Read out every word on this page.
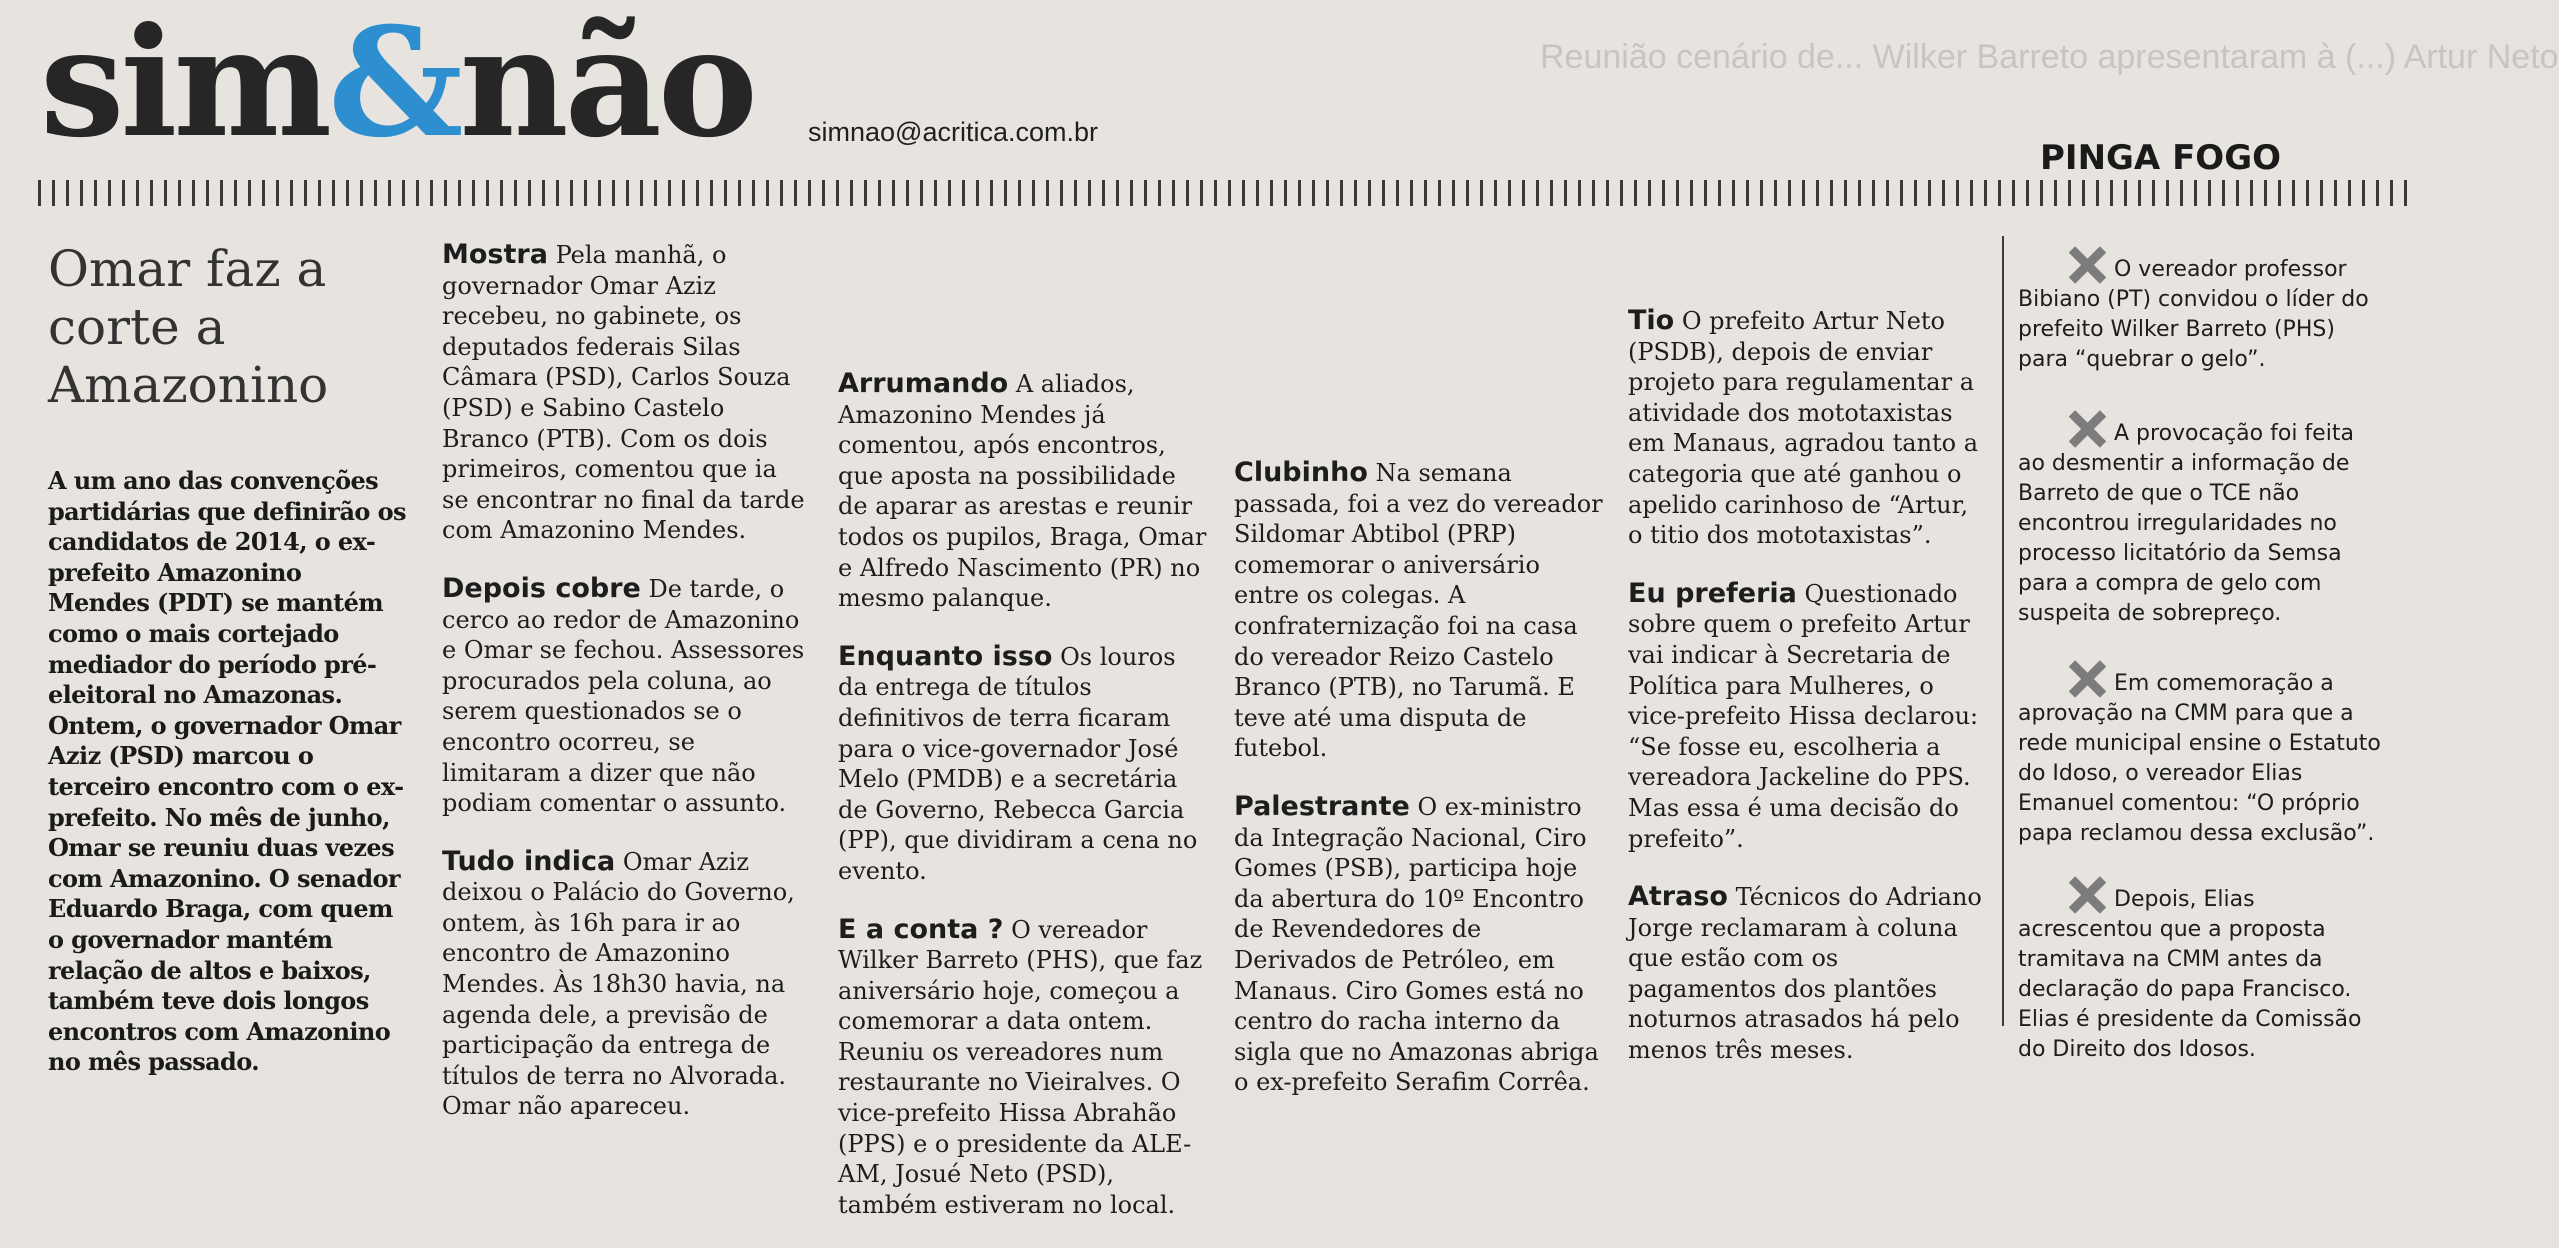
Reunião cenário de... Wilker Barreto apresentaram à (...) Artur Neto
sim&não simnao@acritica.com.br
PINGA FOGO
Omar faz a corte a Amazonino
A um ano das convenções partidárias que definirão os candidatos de 2014, o ex-prefeito Amazonino Mendes (PDT) se mantém como o mais cortejado mediador do período pré-eleitoral no Amazonas. Ontem, o governador Omar Aziz (PSD) marcou o terceiro encontro com o ex-prefeito. No mês de junho, Omar se reuniu duas vezes com Amazonino. O senador Eduardo Braga, com quem o governador mantém relação de altos e baixos, também teve dois longos encontros com Amazonino no mês passado.

Mostra Pela manhã, o governador Omar Aziz recebeu, no gabinete, os deputados federais Silas Câmara (PSD), Carlos Souza (PSD) e Sabino Castelo Branco (PTB). Com os dois primeiros, comentou que ia se encontrar no final da tarde com Amazonino Mendes.

Depois cobre De tarde, o cerco ao redor de Amazonino e Omar se fechou. Assessores procurados pela coluna, ao serem questionados se o encontro ocorreu, se limitaram a dizer que não podiam comentar o assunto.

Tudo indica Omar Aziz deixou o Palácio do Governo, ontem, às 16h para ir ao encontro de Amazonino Mendes. Às 18h30 havia, na agenda dele, a previsão de participação da entrega de títulos de terra no Alvorada. Omar não apareceu.

Arrumando A aliados, Amazonino Mendes já comentou, após encontros, que aposta na possibilidade de aparar as arestas e reunir todos os pupilos, Braga, Omar e Alfredo Nascimento (PR) no mesmo palanque.

Enquanto isso Os louros da entrega de títulos definitivos de terra ficaram para o vice-governador José Melo (PMDB) e a secretária de Governo, Rebecca Garcia (PP), que dividiram a cena no evento.

E a conta ? O vereador Wilker Barreto (PHS), que faz aniversário hoje, começou a comemorar a data ontem. Reuniu os vereadores num restaurante no Vieiralves. O vice-prefeito Hissa Abrahão (PPS) e o presidente da ALE-AM, Josué Neto (PSD), também estiveram no local.

Clubinho Na semana passada, foi a vez do vereador Sildomar Abtibol (PRP) comemorar o aniversário entre os colegas. A confraternização foi na casa do vereador Reizo Castelo Branco (PTB), no Tarumã. E teve até uma disputa de futebol.

Palestrante O ex-ministro da Integração Nacional, Ciro Gomes (PSB), participa hoje da abertura do 10º Encontro de Revendedores de Derivados de Petróleo, em Manaus. Ciro Gomes está no centro do racha interno da sigla que no Amazonas abriga o ex-prefeito Serafim Corrêa.

Tio O prefeito Artur Neto (PSDB), depois de enviar projeto para regulamentar a atividade dos mototaxistas em Manaus, agradou tanto a categoria que até ganhou o apelido carinhoso de “Artur, o titio dos mototaxistas”.

Eu preferia Questionado sobre quem o prefeito Artur vai indicar à Secretaria de Política para Mulheres, o vice-prefeito Hissa declarou: “Se fosse eu, escolheria a vereadora Jackeline do PPS. Mas essa é uma decisão do prefeito”.

Atraso Técnicos do Adriano Jorge reclamaram à coluna que estão com os pagamentos dos plantões noturnos atrasados há pelo menos três meses.

O vereador professor Bibiano (PT) convidou o líder do prefeito Wilker Barreto (PHS) para “quebrar o gelo”.
A provocação foi feita ao desmentir a informação de Barreto de que o TCE não encontrou irregularidades no processo licitatório da Semsa para a compra de gelo com suspeita de sobrepreço.
Em comemoração a aprovação na CMM para que a rede municipal ensine o Estatuto do Idoso, o vereador Elias Emanuel comentou: “O próprio papa reclamou dessa exclusão”.
Depois, Elias acrescentou que a proposta tramitava na CMM antes da declaração do papa Francisco. Elias é presidente da Comissão do Direito dos Idosos.
